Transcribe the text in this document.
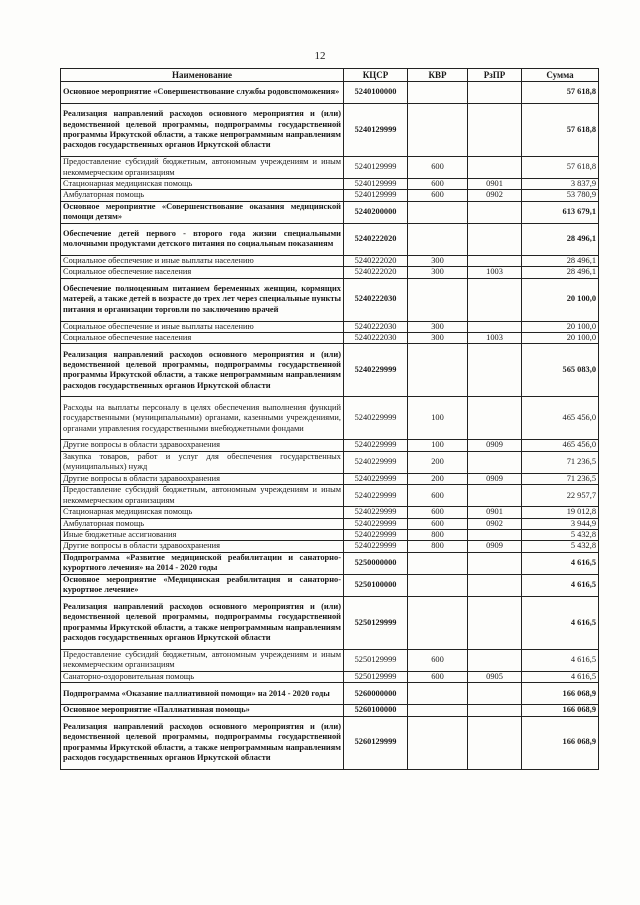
12
Наименование	КЦСР	КВР	РзПР	Сумма
Основное мероприятие «Совершенствование службы родовспоможения»	5240100000			57 618,8
Реализация направлений расходов основного мероприятия и (или) ведомственной целевой программы, подпрограммы государственной программы Иркутской области, а также непрограммным направлениям расходов государственных органов Иркутской области	5240129999			57 618,8
Предоставление субсидий бюджетным, автономным учреждениям и иным некоммерческим организациям	5240129999	600		57 618,8
Стационарная медицинская помощь	5240129999	600	0901	3 837,9
Амбулаторная помощь	5240129999	600	0902	53 780,9
Основное мероприятие «Совершенствование оказания медицинской помощи детям»	5240200000			613 679,1
Обеспечение детей первого - второго года жизни специальными молочными продуктами детского питания по социальным показаниям	5240222020			28 496,1
Социальное обеспечение и иные выплаты населению	5240222020	300		28 496,1
Социальное обеспечение населения	5240222020	300	1003	28 496,1
Обеспечение полноценным питанием беременных женщин, кормящих матерей, а также детей в возрасте до трех лет через специальные пункты питания и организации торговли по заключению врачей	5240222030			20 100,0
Социальное обеспечение и иные выплаты населению	5240222030	300		20 100,0
Социальное обеспечение населения	5240222030	300	1003	20 100,0
Реализация направлений расходов основного мероприятия и (или) ведомственной целевой программы, подпрограммы государственной программы Иркутской области, а также непрограммным направлениям расходов государственных органов Иркутской области	5240229999			565 083,0
Расходы на выплаты персоналу в целях обеспечения выполнения функций государственными (муниципальными) органами, казенными учреждениями, органами управления государственными внебюджетными фондами	5240229999	100		465 456,0
Другие вопросы в области здравоохранения	5240229999	100	0909	465 456,0
Закупка товаров, работ и услуг для обеспечения государственных (муниципальных) нужд	5240229999	200		71 236,5
Другие вопросы в области здравоохранения	5240229999	200	0909	71 236,5
Предоставление субсидий бюджетным, автономным учреждениям и иным некоммерческим организациям	5240229999	600		22 957,7
Стационарная медицинская помощь	5240229999	600	0901	19 012,8
Амбулаторная помощь	5240229999	600	0902	3 944,9
Иные бюджетные ассигнования	5240229999	800		5 432,8
Другие вопросы в области здравоохранения	5240229999	800	0909	5 432,8
Подпрограмма «Развитие медицинской реабилитации и санаторно-курортного лечения» на 2014 - 2020 годы	5250000000			4 616,5
Основное мероприятие «Медицинская реабилитация и санаторно-курортное лечение»	5250100000			4 616,5
Реализация направлений расходов основного мероприятия и (или) ведомственной целевой программы, подпрограммы государственной программы Иркутской области, а также непрограммным направлениям расходов государственных органов Иркутской области	5250129999			4 616,5
Предоставление субсидий бюджетным, автономным учреждениям и иным некоммерческим организациям	5250129999	600		4 616,5
Санаторно-оздоровительная помощь	5250129999	600	0905	4 616,5
Подпрограмма «Оказание паллиативной помощи» на 2014 - 2020 годы	5260000000			166 068,9
Основное мероприятие «Паллиативная помощь»	5260100000			166 068,9
Реализация направлений расходов основного мероприятия и (или) ведомственной целевой программы, подпрограммы государственной программы Иркутской области, а также непрограммным направлениям расходов государственных органов Иркутской области	5260129999			166 068,9
